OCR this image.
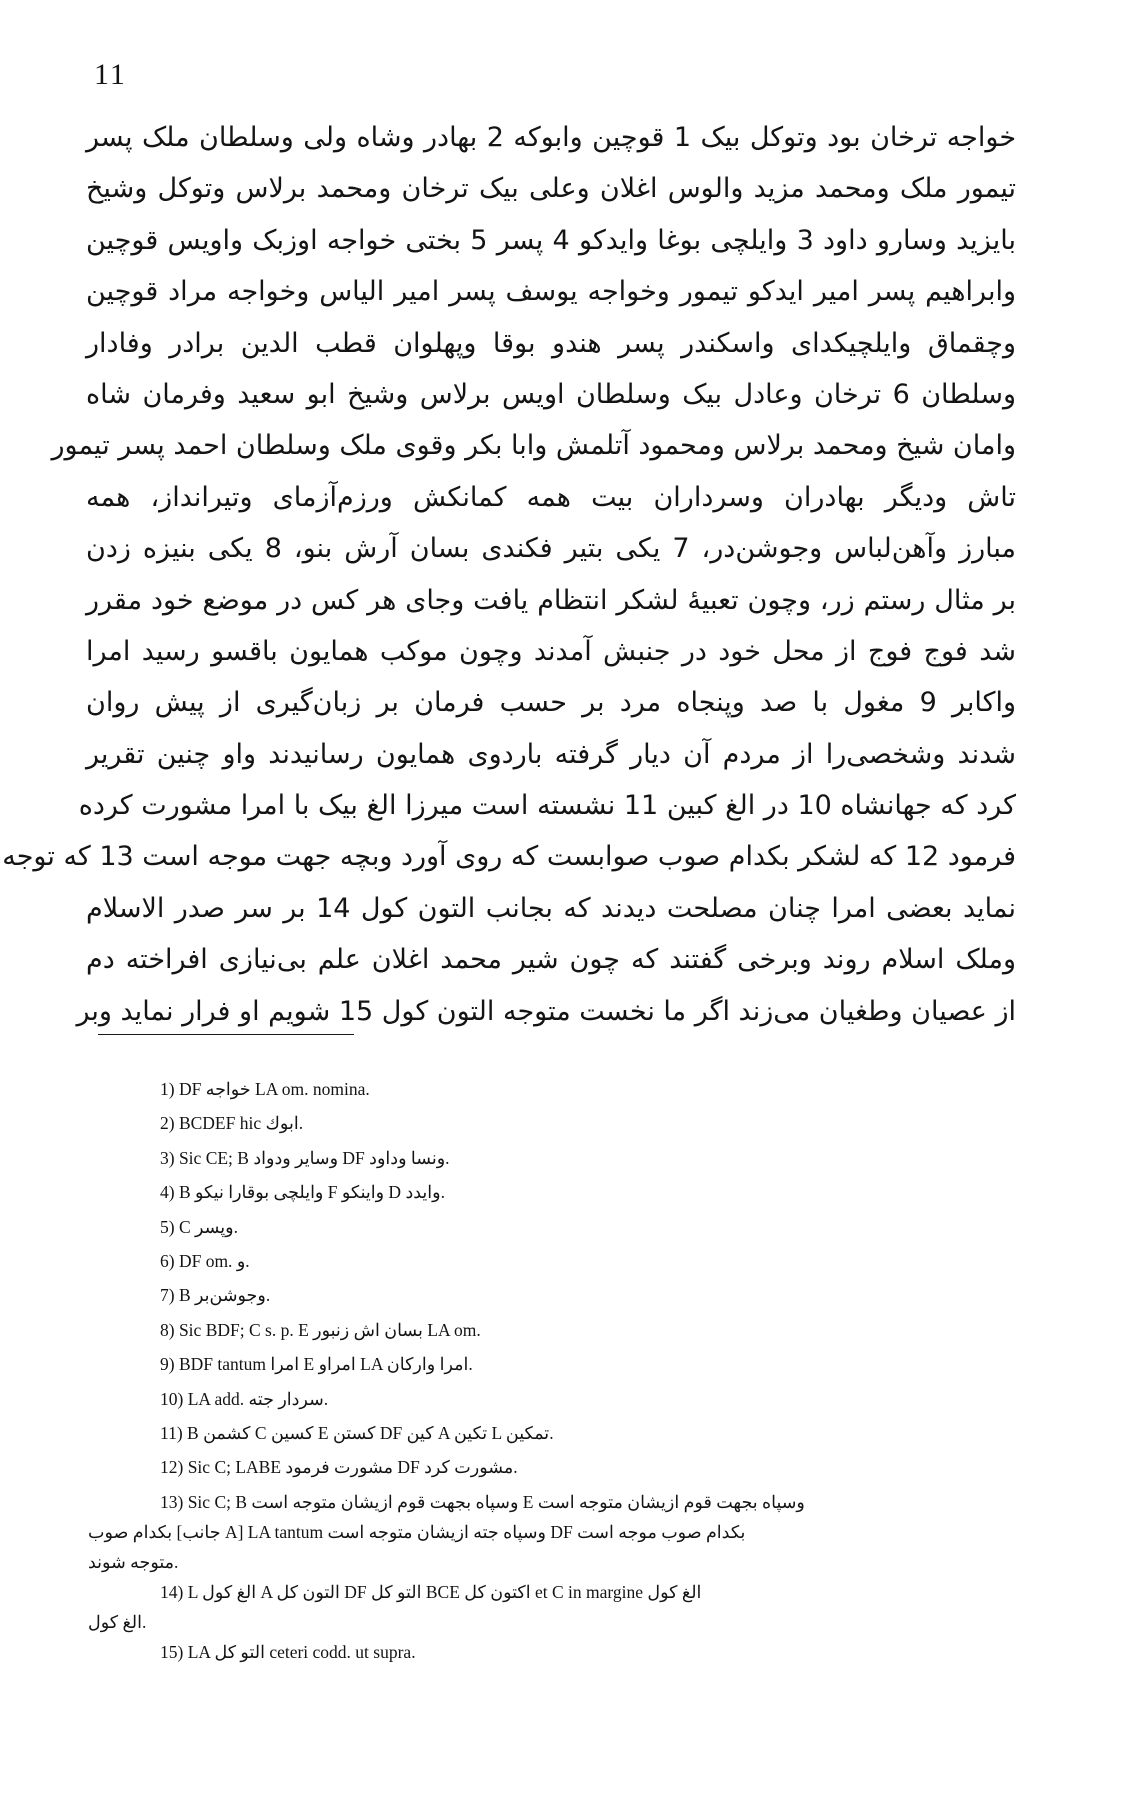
11
خواجه ترخان بود وتوکل بیک 1 قوچین وابوکه 2 بهادر وشاه ولی وسلطان ملک پسر
تیمور ملک ومحمد مزید والوس اغلان وعلی بیک ترخان ومحمد برلاس وتوکل وشیخ
بایزید وسارو داود 3 وایلچی بوغا وایدکو 4 پسر 5 بختی خواجه اوزبک واویس قوچین
وابراهیم پسر امیر ایدکو تیمور وخواجه یوسف پسر امیر الیاس وخواجه مراد قوچین
وچقماق وایلچیکدای واسکندر پسر هندو بوقا وپهلوان قطب الدین برادر وفادار
وسلطان 6 ترخان وعادل بیک وسلطان اویس برلاس وشیخ ابو سعید وفرمان شاه
وامان شیخ ومحمد برلاس ومحمود آتلمش وابا بکر وقوی ملک وسلطان احمد پسر تیمور
تاش ودیگر بهادران وسرداران بیت همه کمانکش ورزم‌آزمای وتیرانداز، همه
مبارز وآهن‌لباس وجوشن‌در، 7 یکی بتیر فکندی بسان آرش بنو، 8 یکی بنیزه زدن
بر مثال رستم زر، وچون تعبیهٔ لشکر انتظام یافت وجای هر کس در موضع خود مقرر
شد فوج فوج از محل خود در جنبش آمدند وچون موکب همایون باقسو رسید امرا
واکابر 9 مغول با صد وپنجاه مرد بر حسب فرمان بر زبان‌گیری از پیش روان
شدند وشخصی‌را از مردم آن دیار گرفته باردوی همایون رسانیدند واو چنین تقریر
کرد که جهانشاه 10 در الغ کبین 11 نشسته است میرزا الغ بیک با امرا مشورت کرده
فرمود 12 که لشکر بکدام صوب صوابست که روی آورد وبچه جهت موجه است 13 که توجه
نماید بعضی امرا چنان مصلحت دیدند که بجانب التون کول 14 بر سر صدر الاسلام
وملک اسلام روند وبرخی گفتند که چون شیر محمد اغلان علم بی‌نیازی افراخته دم
از عصیان وطغیان می‌زند اگر ما نخست متوجه التون کول 15 شویم او فرار نماید وبر
1) DF خواجه LA om. nomina.
2) BCDEF hic ابوك.
3) Sic CE; B وسایر ودواد DF ونسا وداود.
4) B وایلچی بوقارا نیکو F واینکو D وایدد.
5) C وپسر.
6) DF om. و.
7) B وجوشن‌بر.
8) Sic BDF; C s. p. E بسان اش زنبور LA om.
9) BDF tantum امرا E امراو LA امرا وارکان.
10) LA add. سردار جته.
11) B کشمن C کسین E کستن DF کین A تکین L تمکین.
12) Sic C; LABE مشورت فرمود DF مشورت کرد.
13) Sic C; B وسپاه بجهت قوم ازیشان متوجه است E وسپاه بجهت قوم ازیشان متوجه است
بکدام صوب [جانب A] LA tantum وسپاه جته ازیشان متوجه است DF بکدام صوب موجه است
متوجه شوند.
14) L الغ کول A التون کل DF التو کل BCE اکتون کل et C in margine الغ کول
الغ کول.
15) LA التو کل ceteri codd. ut supra.
